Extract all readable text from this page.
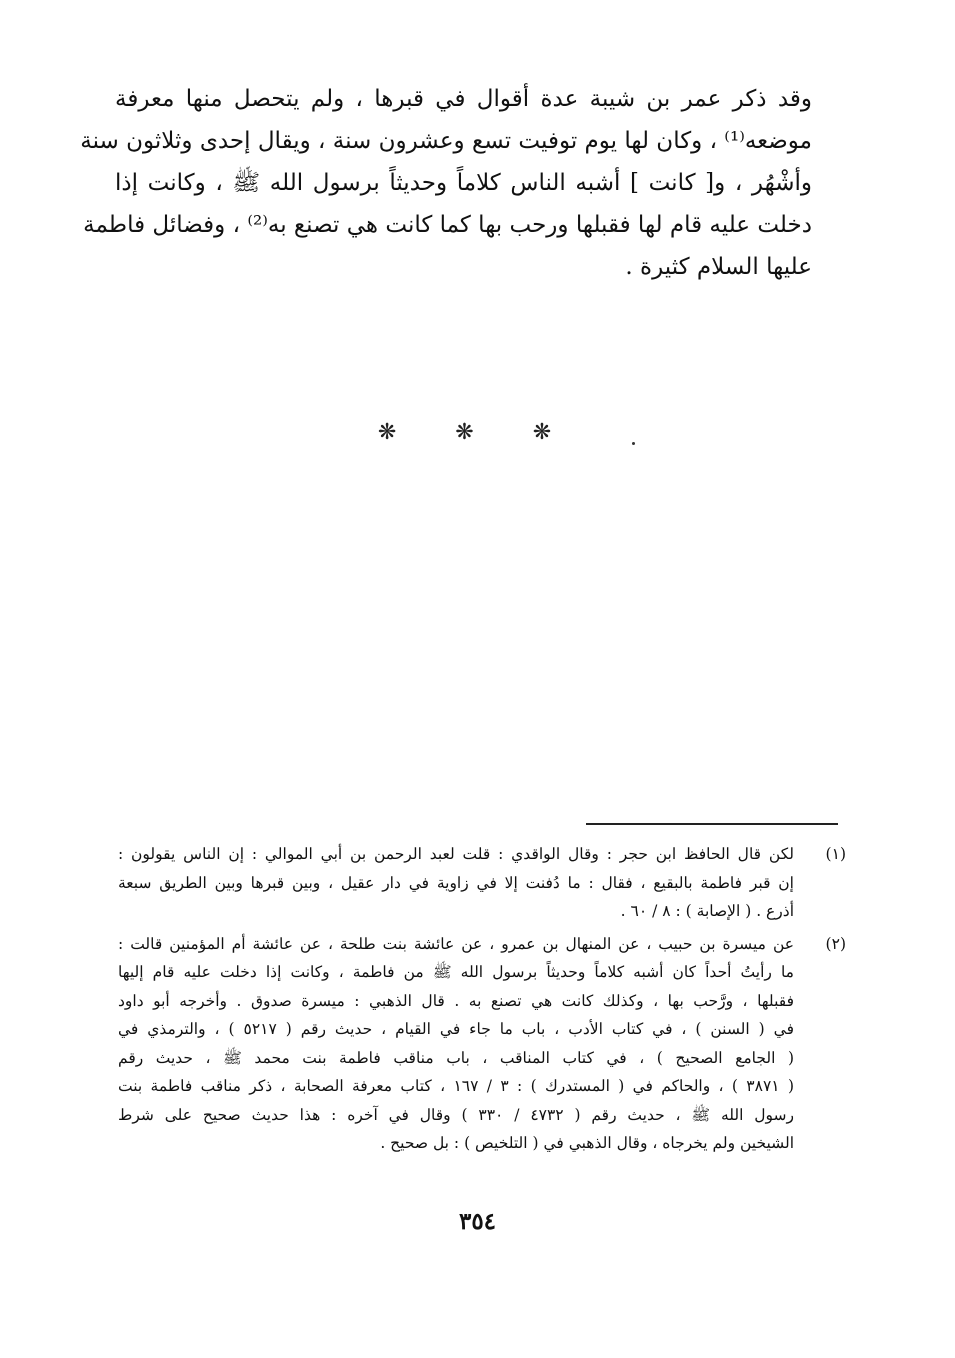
وقد ذكر عمر بن شيبة عدة أقوال في قبرها ، ولم يتحصل منها معرفة
موضعه⁽¹⁾ ، وكان لها يوم توفيت تسع وعشرون سنة ، ويقال إحدى وثلاثون سنة
وأشْهُر ، و[ كانت ] أشبه الناس كلاماً وحديثاً برسول الله ﷺ ، وكانت إذا
دخلت عليه قام لها فقبلها ورحب بها كما كانت هي تصنع به⁽²⁾ ، وفضائل فاطمة
عليها السلام كثيرة .

❋ ❋ ❋
(١)
لكن قال الحافظ ابن حجر : وقال الواقدي : قلت لعبد الرحمن بن أبي الموالي : إن الناس يقولون :
إن قبر فاطمة بالبقيع ، فقال : ما دُفنت إلا في زاوية في دار عقيل ، وبين قبرها وبين الطريق سبعة
أذرع . ( الإصابة ) : ٨ / ٦٠ .
(٢)
عن ميسرة بن حبيب ، عن المنهال بن عمرو ، عن عائشة بنت طلحة ، عن عائشة أم المؤمنين قالت :
ما رأيتُ أحداً كان أشبه كلاماً وحديثاً برسول الله ﷺ من فاطمة ، وكانت إذا دخلت عليه قام إليها
فقبلها ، ورَّحب بها ، وكذلك كانت هي تصنع به . قال الذهبي : ميسرة صدوق . وأخرجه أبو داود
في ( السنن ) ، في كتاب الأدب ، باب ما جاء في القيام ، حديث رقم ( ٥٢١٧ ) ، والترمذي في
( الجامع الصحيح ) ، في كتاب المناقب ، باب مناقب فاطمة بنت محمد ﷺ ، حديث رقم
( ٣٨٧١ ) ، والحاكم في ( المستدرك ) : ٣ / ١٦٧ ، كتاب معرفة الصحابة ، ذكر مناقب فاطمة بنت
رسول الله ﷺ ، حديث رقم ( ٤٧٣٢ / ٣٣٠ ) وقال في آخره : هذا حديث صحيح على شرط
الشيخين ولم يخرجاه ، وقال الذهبي في ( التلخيص ) : بل صحيح .
٣٥٤
